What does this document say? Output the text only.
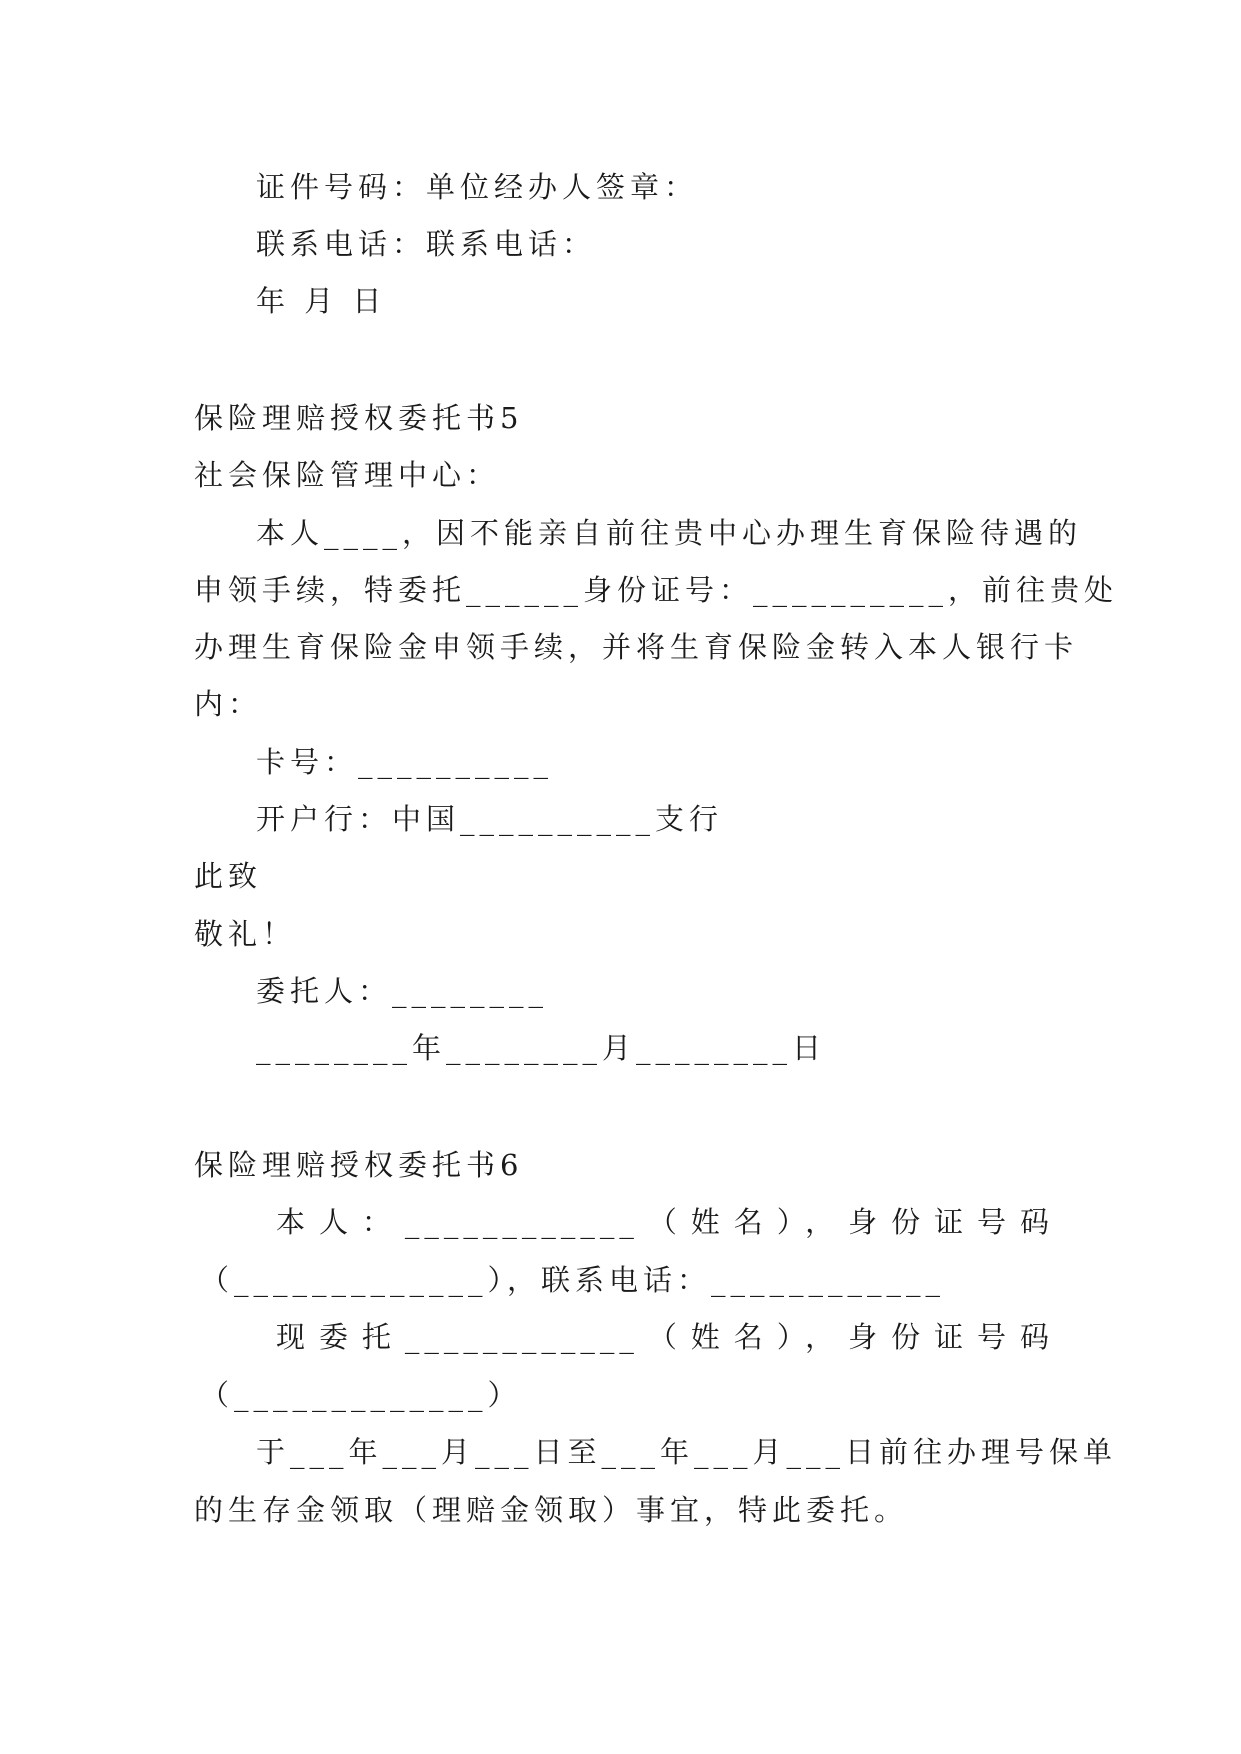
证件号码：单位经办人签章：
联系电话：联系电话：
年 月 日
保险理赔授权委托书5
社会保险管理中心：
本人____，因不能亲自前往贵中心办理生育保险待遇的
申领手续，特委托______身份证号：__________，前往贵处
办理生育保险金申领手续，并将生育保险金转入本人银行卡
内：
卡号：__________
开户行：中国__________支行
此致
敬礼！
委托人：________
________年________月________日
保险理赔授权委托书6
本人：____________（姓名），身份证号码
（_____________），联系电话：____________
现委托____________（姓名），身份证号码
（_____________）
于___年___月___日至___年___月___日前往办理号保单
的生存金领取（理赔金领取）事宜，特此委托。
